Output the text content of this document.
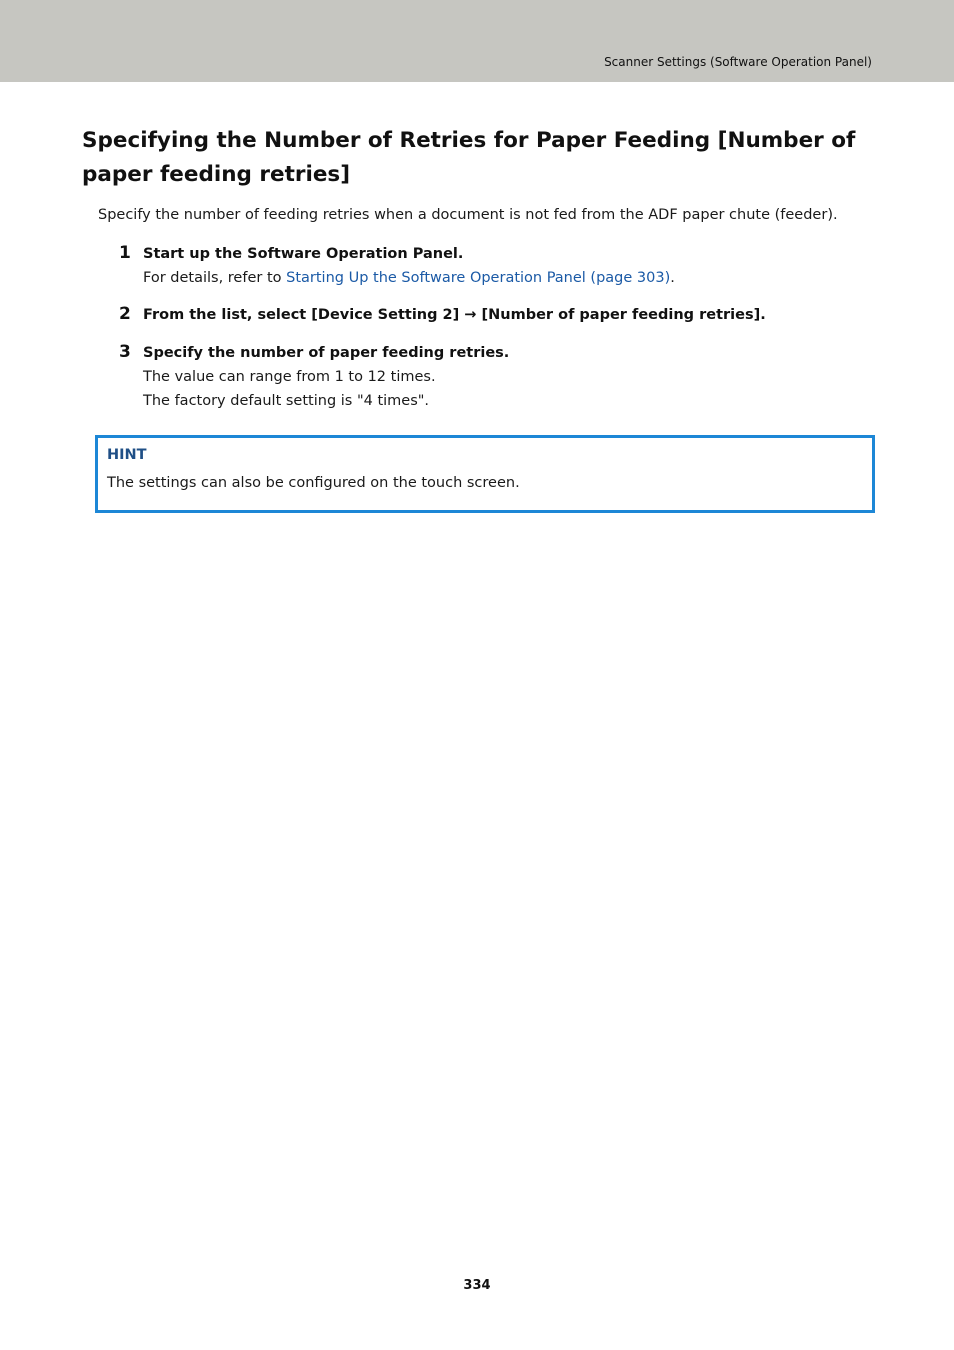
Scanner Settings (Software Operation Panel)
Specifying the Number of Retries for Paper Feeding [Number of paper feeding retries]

Specify the number of feeding retries when a document is not fed from the ADF paper chute (feeder).

1 Start up the Software Operation Panel.

For details, refer to Starting Up the Software Operation Panel (page 303).

2 From the list, select [Device Setting 2] → [Number of paper feeding retries].
3 Specify the number of paper feeding retries.

The value can range from 1 to 12 times.

The factory default setting is "4 times".

HINT
The settings can also be configured on the touch screen.
334
